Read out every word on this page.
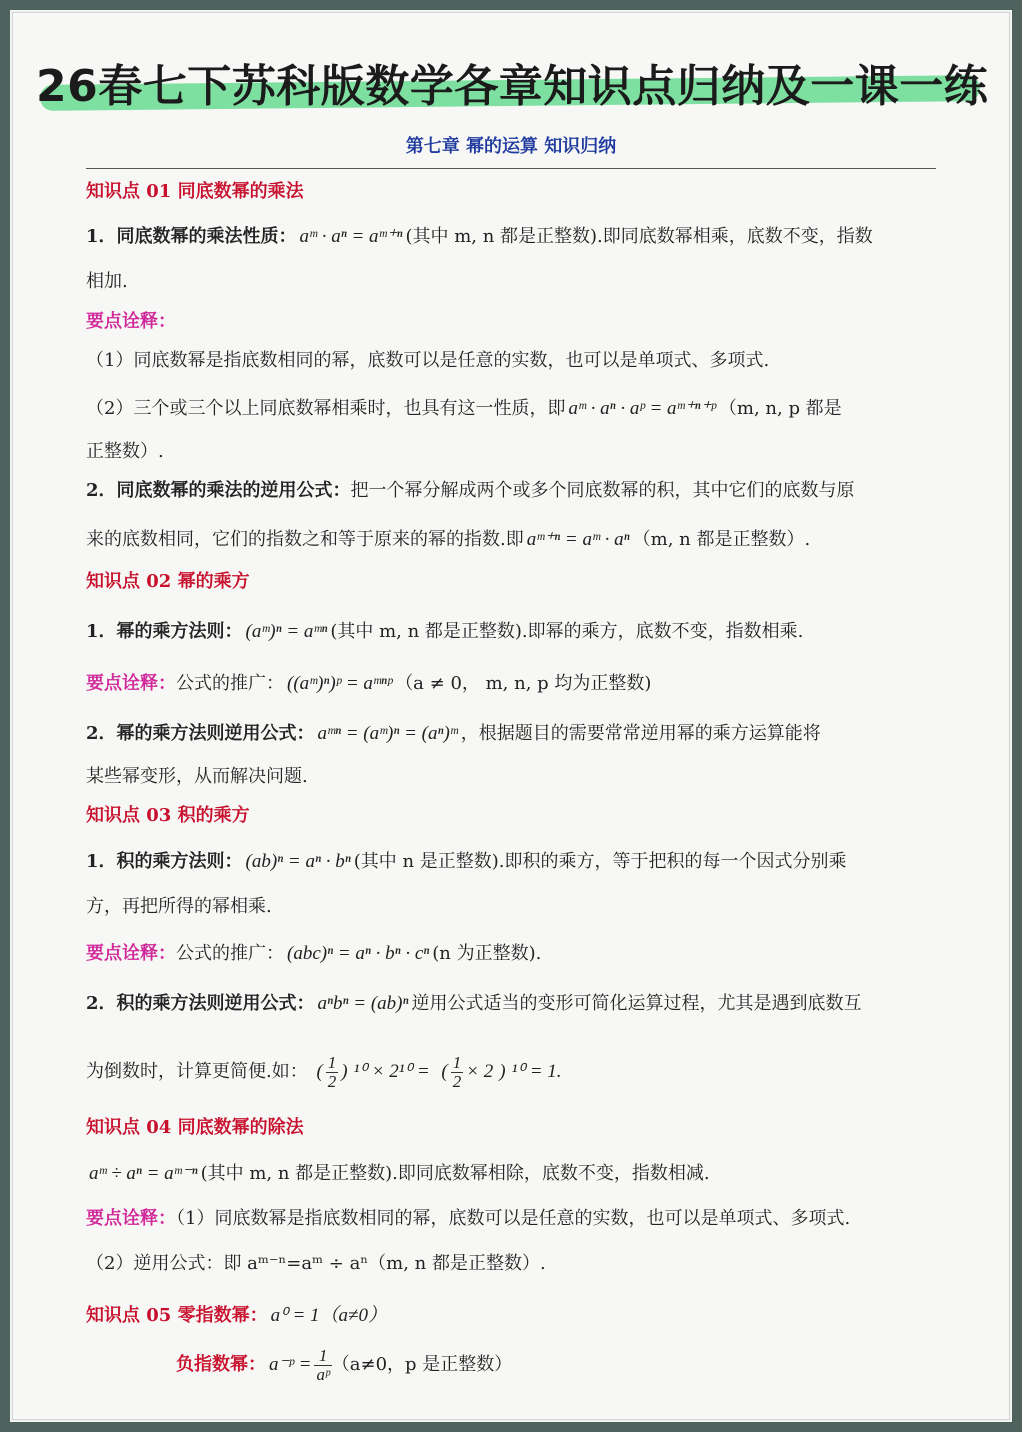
26春七下苏科版数学各章知识点归纳及一课一练
第七章 幂的运算 知识归纳
知识点 01 同底数幂的乘法
1．同底数幂的乘法性质： aᵐ · aⁿ = aᵐ⁺ⁿ (其中 m, n 都是正整数).即同底数幂相乘，底数不变，指数
相加.
要点诠释：
（1）同底数幂是指底数相同的幂，底数可以是任意的实数，也可以是单项式、多项式.
（2）三个或三个以上同底数幂相乘时，也具有这一性质，即 aᵐ · aⁿ · aᵖ = aᵐ⁺ⁿ⁺ᵖ （m, n, p 都是
正整数）.
2．同底数幂的乘法的逆用公式：把一个幂分解成两个或多个同底数幂的积，其中它们的底数与原
来的底数相同，它们的指数之和等于原来的幂的指数.即 aᵐ⁺ⁿ = aᵐ · aⁿ （m, n 都是正整数）.
知识点 02 幂的乘方
1．幂的乘方法则： (aᵐ)ⁿ = aᵐⁿ (其中 m, n 都是正整数).即幂的乘方，底数不变，指数相乘.
要点诠释：公式的推广： ((aᵐ)ⁿ)ᵖ = aᵐⁿᵖ （a ≠ 0， m, n, p 均为正整数)
2．幂的乘方法则逆用公式： aᵐⁿ = (aᵐ)ⁿ = (aⁿ)ᵐ ，根据题目的需要常常逆用幂的乘方运算能将
某些幂变形，从而解决问题.
知识点 03 积的乘方
1．积的乘方法则： (ab)ⁿ = aⁿ · bⁿ (其中 n 是正整数).即积的乘方，等于把积的每一个因式分别乘
方，再把所得的幂相乘.
要点诠释：公式的推广： (abc)ⁿ = aⁿ · bⁿ · cⁿ (n 为正整数).
2．积的乘方法则逆用公式： aⁿbⁿ = (ab)ⁿ 逆用公式适当的变形可简化运算过程，尤其是遇到底数互
为倒数时，计算更简便.如： ( $\frac{1}{2}$ ) ¹⁰ × 2¹⁰ = ( $\frac{1}{2} \times 2$ ) ¹⁰ = 1.
知识点 04 同底数幂的除法
aᵐ ÷ aⁿ = aᵐ⁻ⁿ (其中 m, n 都是正整数).即同底数幂相除，底数不变，指数相减.
要点诠释：（1）同底数幂是指底数相同的幂，底数可以是任意的实数，也可以是单项式、多项式.
（2）逆用公式：即 aᵐ⁻ⁿ=aᵐ ÷ aⁿ（m, n 都是正整数）.
知识点 05 零指数幂： a⁰ = 1（a≠0）
负指数幂： a⁻ᵖ = $\frac{1}{\text{aᵖ}} (a\ne 0$，p 是正整数）
